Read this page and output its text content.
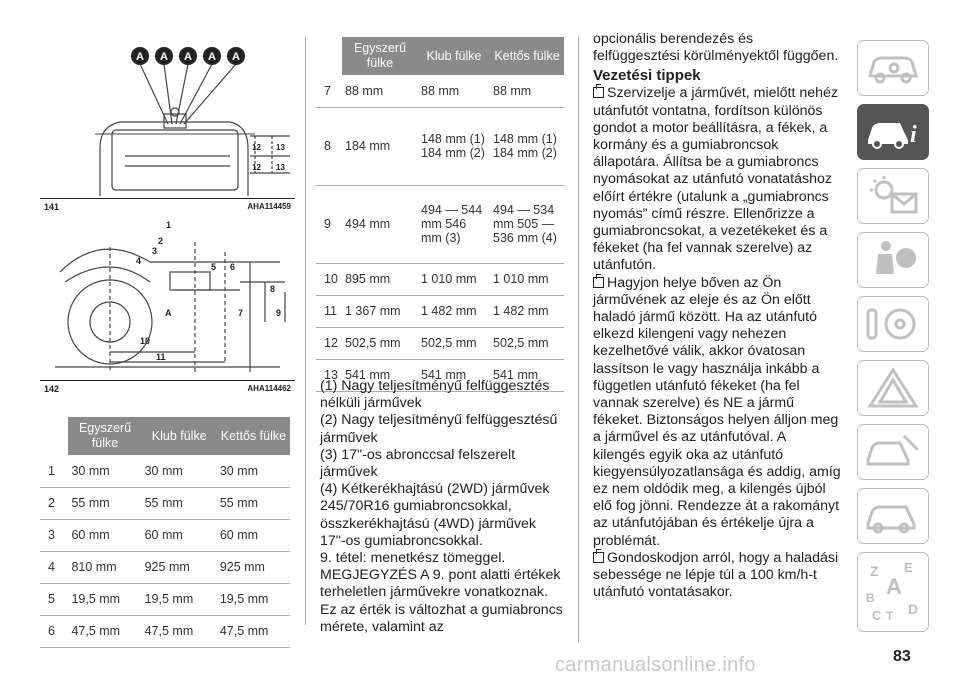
A A A A A
12 13
12 13
141	AHA114459
1
2
3
4
5 6
8
9
7
A
10
11
142	AHA114462
	Egyszerű fülke	Klub fülke	Kettős fülke
1	30 mm	30 mm	30 mm
2	55 mm	55 mm	55 mm
3	60 mm	60 mm	60 mm
4	810 mm	925 mm	925 mm
5	19,5 mm	19,5 mm	19,5 mm
6	47,5 mm	47,5 mm	47,5 mm
	Egyszerű fülke	Klub fülke	Kettős fülke
7	88 mm	88 mm	88 mm
8	184 mm	148 mm (1) 184 mm (2)	148 mm (1) 184 mm (2)
9	494 mm	494 — 544 mm 546 mm (3)	494 — 534 mm 505 — 536 mm (4)
10	895 mm	1 010 mm	1 010 mm
11	1 367 mm	1 482 mm	1 482 mm
12	502,5 mm	502,5 mm	502,5 mm
13	541 mm	541 mm	541 mm

(1) Nagy teljesítményű felfüggesztés nélküli járművek

(2) Nagy teljesítményű felfüggesztésű járművek

(3) 17"-os abronccsal felszerelt járművek

(4) Kétkerékhajtású (2WD) járművek 245/70R16 gumiabroncsokkal, összkerékhajtású (4WD) járművek 17"-os gumiabroncsokkal.

9. tétel: menetkész tömeggel. MEGJEGYZÉS A 9. pont alatti értékek terheletlen járművekre vonatkoznak. Ez az érték is változhat a gumiabroncs mérete, valamint az

opcionális berendezés és felfüggesztési körülményektől függően.

Vezetési tippek

Szervizelje a járművét, mielőtt nehéz utánfutót vontatna, fordítson különös gondot a motor beállításra, a fékek, a kormány és a gumiabroncsok állapotára. Állítsa be a gumiabroncs nyomásokat az utánfutó vonatatáshoz előírt értékre (utalunk a „gumiabroncs nyomás” című részre. Ellenőrizze a gumiabroncsokat, a vezetékeket és a fékeket (ha fel vannak szerelve) az utánfutón.

Hagyjon helye bőven az Ön járművének az eleje és az Ön előtt haladó jármű között. Ha az utánfutó elkezd kilengeni vagy nehezen kezelhetővé válik, akkor óvatosan lassítson le vagy használja inkább a független utánfutó fékeket (ha fel vannak szerelve) és NE a jármű fékeket. Biztonságos helyen álljon meg a járművel és az utánfutóval. A kilengés egyik oka az utánfutó kiegyensúlyozatlansága és addig, amíg ez nem oldódik meg, a kilengés újból elő fog jönni. Rendezze át a rakományt az utánfutójában és értékelje újra a problémát.

Gondoskodjon arról, hogy a haladási sebessége ne lépje túl a 100 km/h-t utánfutó vontatásakor.

i
Z E
A
B
C T D
carmanualsonline.info	83
